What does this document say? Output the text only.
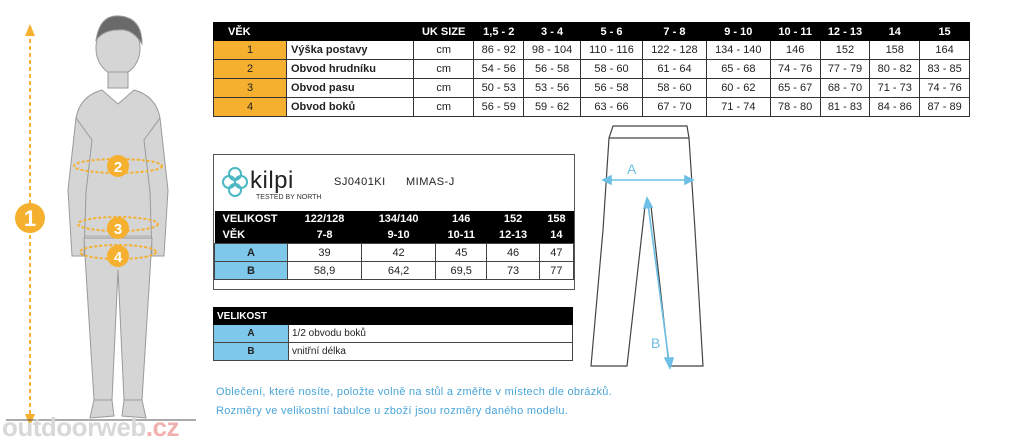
1
2
3
4
VĚK		UK SIZE	1,5 - 2	3 - 4	5 - 6	7 - 8	9 - 10	10 - 11	12 - 13	14	15
1	Výška postavy	cm	86 - 92	98 - 104	110 - 116	122 - 128	134 - 140	146	152	158	164
2	Obvod hrudníku	cm	54 - 56	56 - 58	58 - 60	61 - 64	65 - 68	74 - 76	77 - 79	80 - 82	83 - 85
3	Obvod pasu	cm	50 - 53	53 - 56	56 - 58	58 - 60	60 - 62	65 - 67	68 - 70	71 - 73	74 - 76
4	Obvod boků	cm	56 - 59	59 - 62	63 - 66	67 - 70	71 - 74	78 - 80	81 - 83	84 - 86	87 - 89
kilpi
TESTED BY NORTH
SJ0401KI MIMAS-J
VELIKOST	122/128	134/140	146	152	158
VĚK	7-8	9-10	10-11	12-13	14
A	39	42	45	46	47
B	58,9	64,2	69,5	73	77
VELIKOST	
A	1/2 obvodu boků
B	vnitřní délka
A
B
Oblečení, které nosíte, položte volně na stůl a změřte v místech dle obrázků.
Rozměry ve velikostní tabulce u zboží jsou rozměry daného modelu.
outdoorweb.cz
